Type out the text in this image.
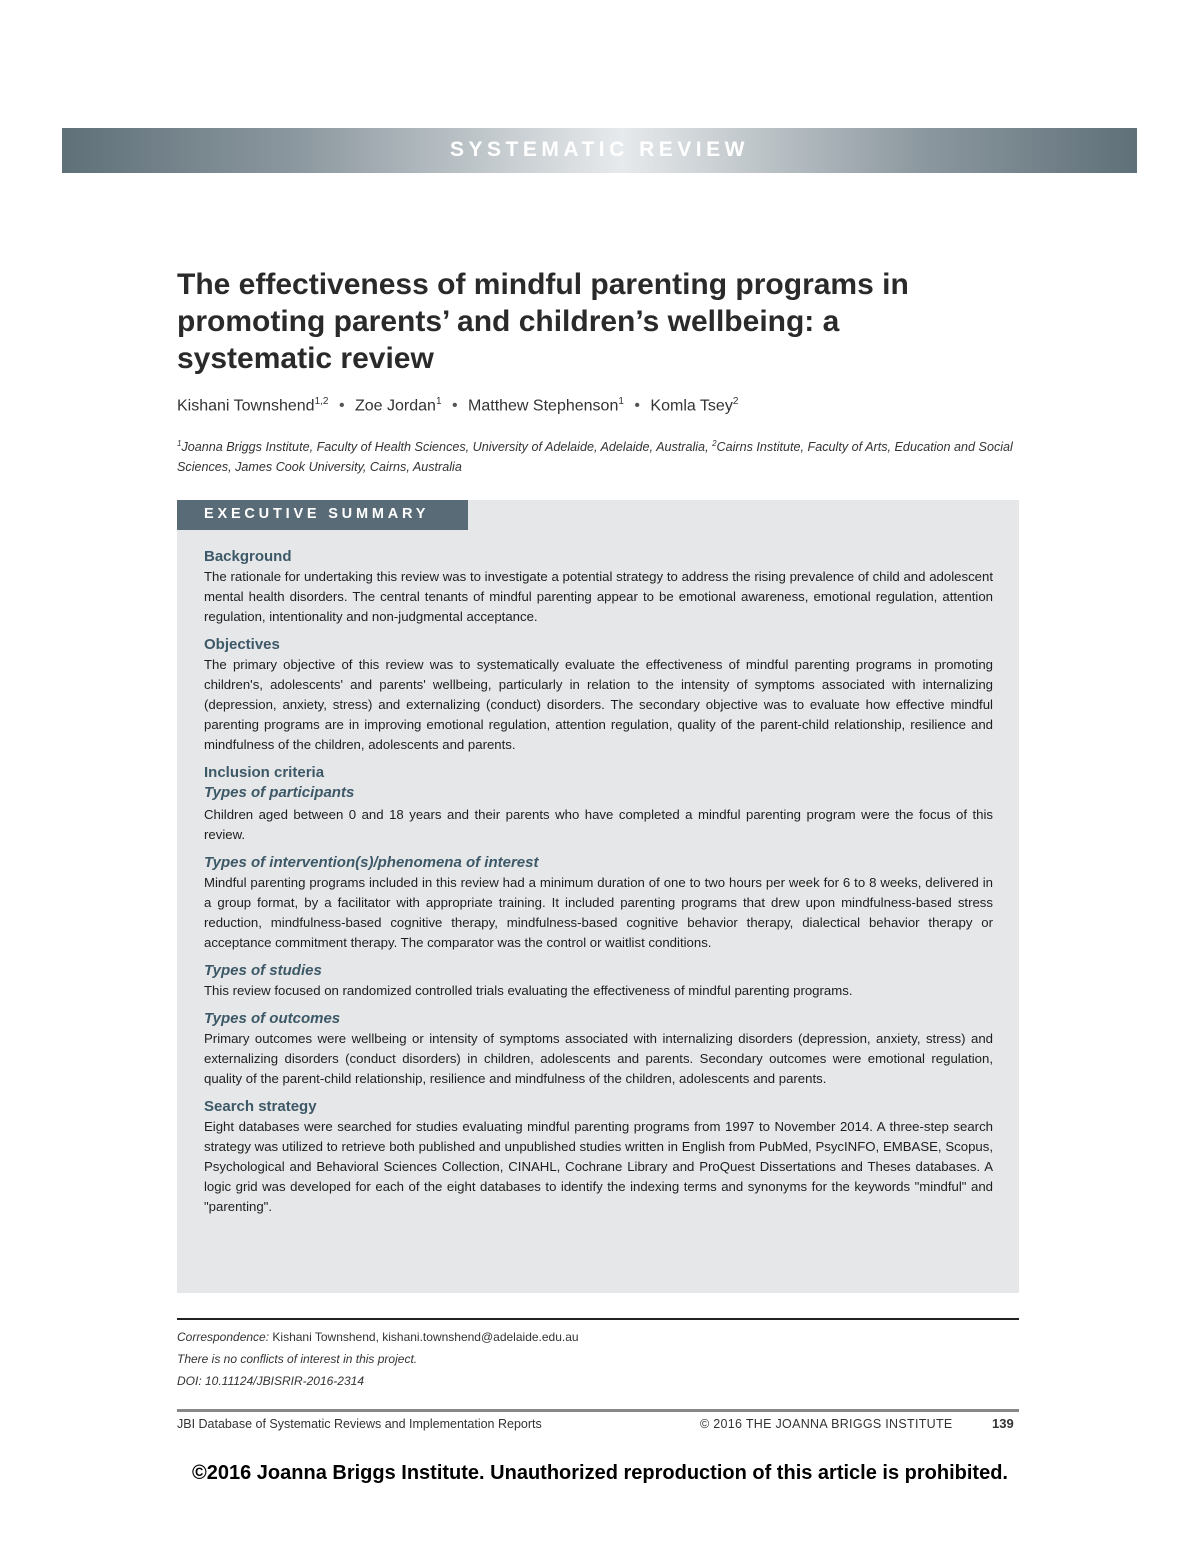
SYSTEMATIC REVIEW
The effectiveness of mindful parenting programs in promoting parents’ and children’s wellbeing: a systematic review
Kishani Townshend$^{1,2}$ • Zoe Jordan$^1$ • Matthew Stephenson$^1$ • Komla Tsey$^2$

$^1$Joanna Briggs Institute, Faculty of Health Sciences, University of Adelaide, Adelaide, Australia, $^2$Cairns Institute, Faculty of Arts, Education and Social Sciences, James Cook University, Cairns, Australia

EXECUTIVE SUMMARY
Background

The rationale for undertaking this review was to investigate a potential strategy to address the rising prevalence of child and adolescent mental health disorders. The central tenants of mindful parenting appear to be emotional awareness, emotional regulation, attention regulation, intentionality and non-judgmental acceptance.

Objectives

The primary objective of this review was to systematically evaluate the effectiveness of mindful parenting programs in promoting children's, adolescents' and parents' wellbeing, particularly in relation to the intensity of symptoms associated with internalizing (depression, anxiety, stress) and externalizing (conduct) disorders. The secondary objective was to evaluate how effective mindful parenting programs are in improving emotional regulation, attention regulation, quality of the parent-child relationship, resilience and mindfulness of the children, adolescents and parents.

Inclusion criteria
Types of participants

Children aged between 0 and 18 years and their parents who have completed a mindful parenting program were the focus of this review.

Types of intervention(s)/phenomena of interest

Mindful parenting programs included in this review had a minimum duration of one to two hours per week for 6 to 8 weeks, delivered in a group format, by a facilitator with appropriate training. It included parenting programs that drew upon mindfulness-based stress reduction, mindfulness-based cognitive therapy, mindfulness-based cognitive behavior therapy, dialectical behavior therapy or acceptance commitment therapy. The comparator was the control or waitlist conditions.

Types of studies

This review focused on randomized controlled trials evaluating the effectiveness of mindful parenting programs.

Types of outcomes

Primary outcomes were wellbeing or intensity of symptoms associated with internalizing disorders (depression, anxiety, stress) and externalizing disorders (conduct disorders) in children, adolescents and parents. Secondary outcomes were emotional regulation, quality of the parent-child relationship, resilience and mindfulness of the children, adolescents and parents.

Search strategy

Eight databases were searched for studies evaluating mindful parenting programs from 1997 to November 2014. A three-step search strategy was utilized to retrieve both published and unpublished studies written in English from PubMed, PsycINFO, EMBASE, Scopus, Psychological and Behavioral Sciences Collection, CINAHL, Cochrane Library and ProQuest Dissertations and Theses databases. A logic grid was developed for each of the eight databases to identify the indexing terms and synonyms for the keywords "mindful" and "parenting".

Correspondence: Kishani Townshend, kishani.townshend@adelaide.edu.au

There is no conflicts of interest in this project.

DOI: 10.11124/JBISRIR-2016-2314

JBI Database of Systematic Reviews and Implementation Reports	© 2016 THE JOANNA BRIGGS INSTITUTE	139
©2016 Joanna Briggs Institute. Unauthorized reproduction of this article is prohibited.
